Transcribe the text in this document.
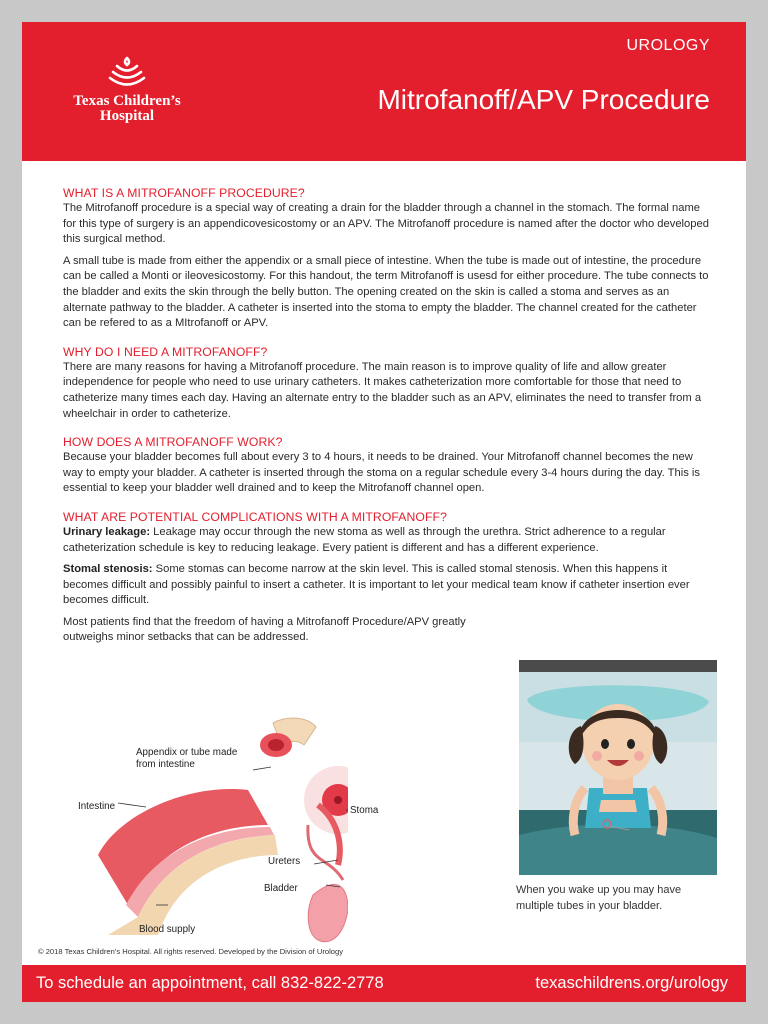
Texas Children’s
Hospital
UROLOGY
Mitrofanoff/APV Procedure
WHAT IS A MITROFANOFF PROCEDURE?

The Mitrofanoff procedure is a special way of creating a drain for the bladder through a channel in the stomach. The formal name for this type of surgery is an appendicovesicostomy or an APV. The Mitrofanoff procedure is named after the doctor who developed this surgical method.

A small tube is made from either the appendix or a small piece of intestine. When the tube is made out of intestine, the procedure can be called a Monti or ileovesicostomy. For this handout, the term Mitrofanoff is usesd for either procedure. The tube connects to the bladder and exits the skin through the belly button. The opening created on the skin is called a stoma and serves as an alternate pathway to the bladder. A catheter is inserted into the stoma to empty the bladder. The channel created for the catheter can be refered to as a MItrofanoff or APV.

WHY DO I NEED A MITROFANOFF?

There are many reasons for having a Mitrofanoff procedure. The main reason is to improve quality of life and allow greater independence for people who need to use urinary catheters. It makes catheterization more comfortable for those that need to catheterize many times each day. Having an alternate entry to the bladder such as an APV, eliminates the need to transfer from a wheelchair in order to catheterize.

HOW DOES A MITROFANOFF WORK?

Because your bladder becomes full about every 3 to 4 hours, it needs to be drained. Your Mitrofanoff channel becomes the new way to empty your bladder. A catheter is inserted through the stoma on a regular schedule every 3-4 hours during the day. This is essential to keep your bladder well drained and to keep the Mitrofanoff channel open.

WHAT ARE POTENTIAL COMPLICATIONS WITH A MITROFANOFF?

Urinary leakage: Leakage may occur through the new stoma as well as through the urethra. Strict adherence to a regular catheterization schedule is key to reducing leakage. Every patient is different and has a different experience.

Stomal stenosis: Some stomas can become narrow at the skin level. This is called stomal stenosis. When this happens it becomes difficult and possibly painful to insert a catheter. It is important to let your medical team know if catheter insertion ever becomes difficult.

Most patients find that the freedom of having a Mitrofanoff Procedure/APV greatly outweighs minor setbacks that can be addressed.

Appendix or tube made from intestine
Intestine	Stoma
Ureters
Bladder
Blood supply
When you wake up you may have multiple tubes in your bladder.
© 2018 Texas Children’s Hospital. All rights reserved. Developed by the Division of Urology
To schedule an appointment, call 832-822-2778	texaschildrens.org/urology
